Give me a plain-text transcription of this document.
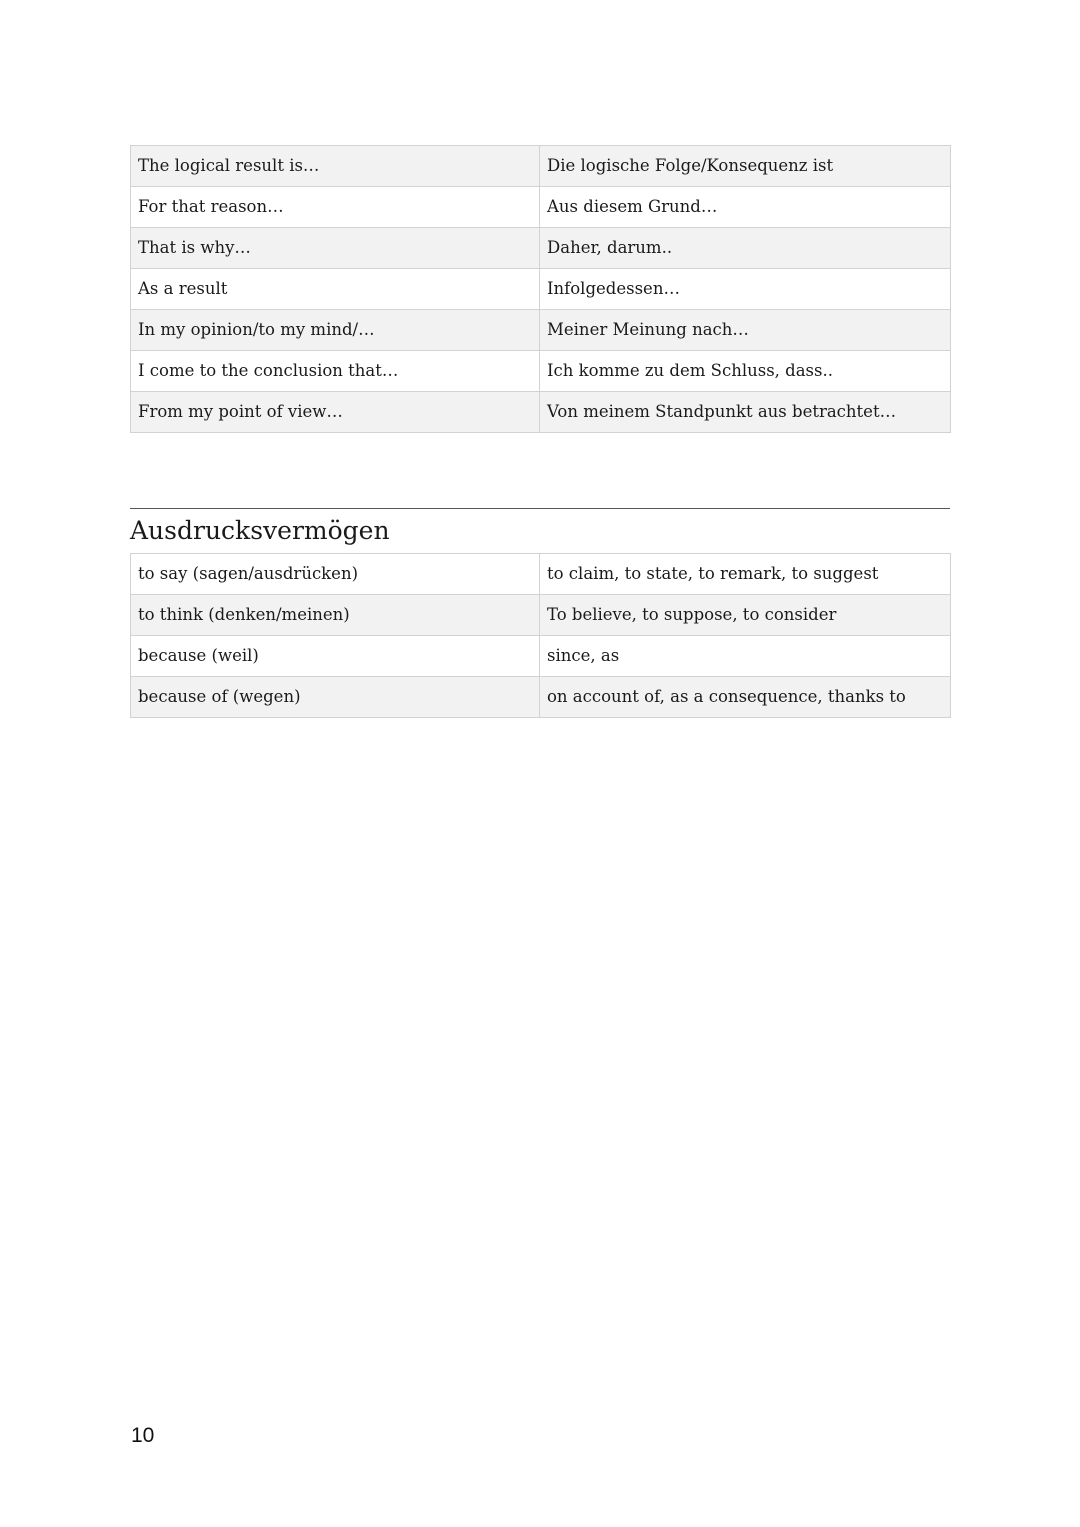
The logical result is…	Die logische Folge/Konsequenz ist
For that reason…	Aus diesem Grund…
That is why…	Daher, darum..
As a result	Infolgedessen…
In my opinion/to my mind/…	Meiner Meinung nach…
I come to the conclusion that…	Ich komme zu dem Schluss, dass..
From my point of view…	Von meinem Standpunkt aus betrachtet…
Ausdrucksvermögen
to say (sagen/ausdrücken)	to claim, to state, to remark, to suggest
to think (denken/meinen)	To believe, to suppose, to consider
because (weil)	since, as
because of (wegen)	on account of, as a consequence, thanks to
10
